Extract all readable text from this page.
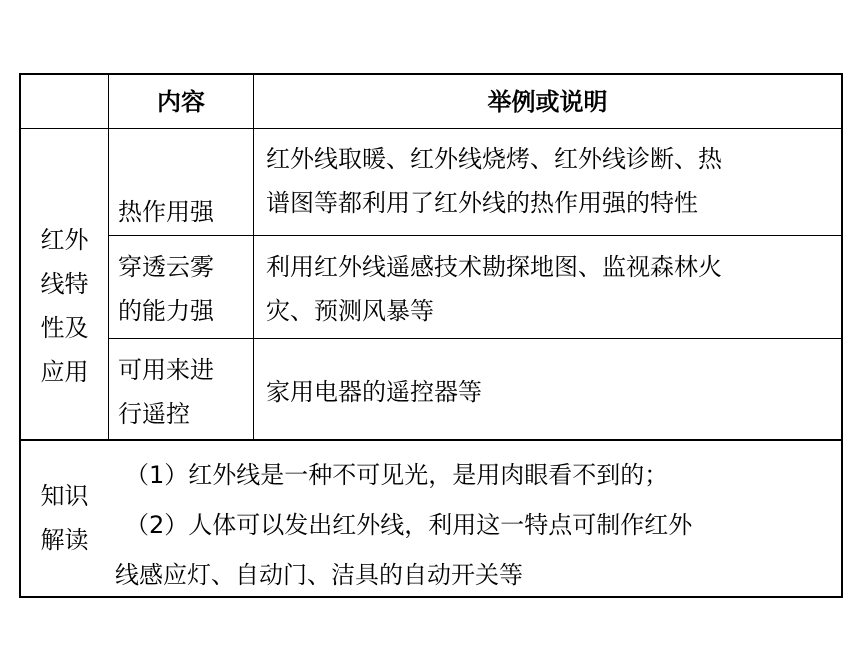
内容	举例或说明
红外
线特
性及
应用
热作用强
红外线取暖、红外线烧烤、红外线诊断、热
谱图等都利用了红外线的热作用强的特性
穿透云雾
的能力强
利用红外线遥感技术勘探地图、监视森林火
灾、预测风暴等
可用来进
行遥控
家用电器的遥控器等
知识
解读
（1）红外线是一种不可见光，是用肉眼看不到的；
（2）人体可以发出红外线，利用这一特点可制作红外
线感应灯、自动门、洁具的自动开关等
